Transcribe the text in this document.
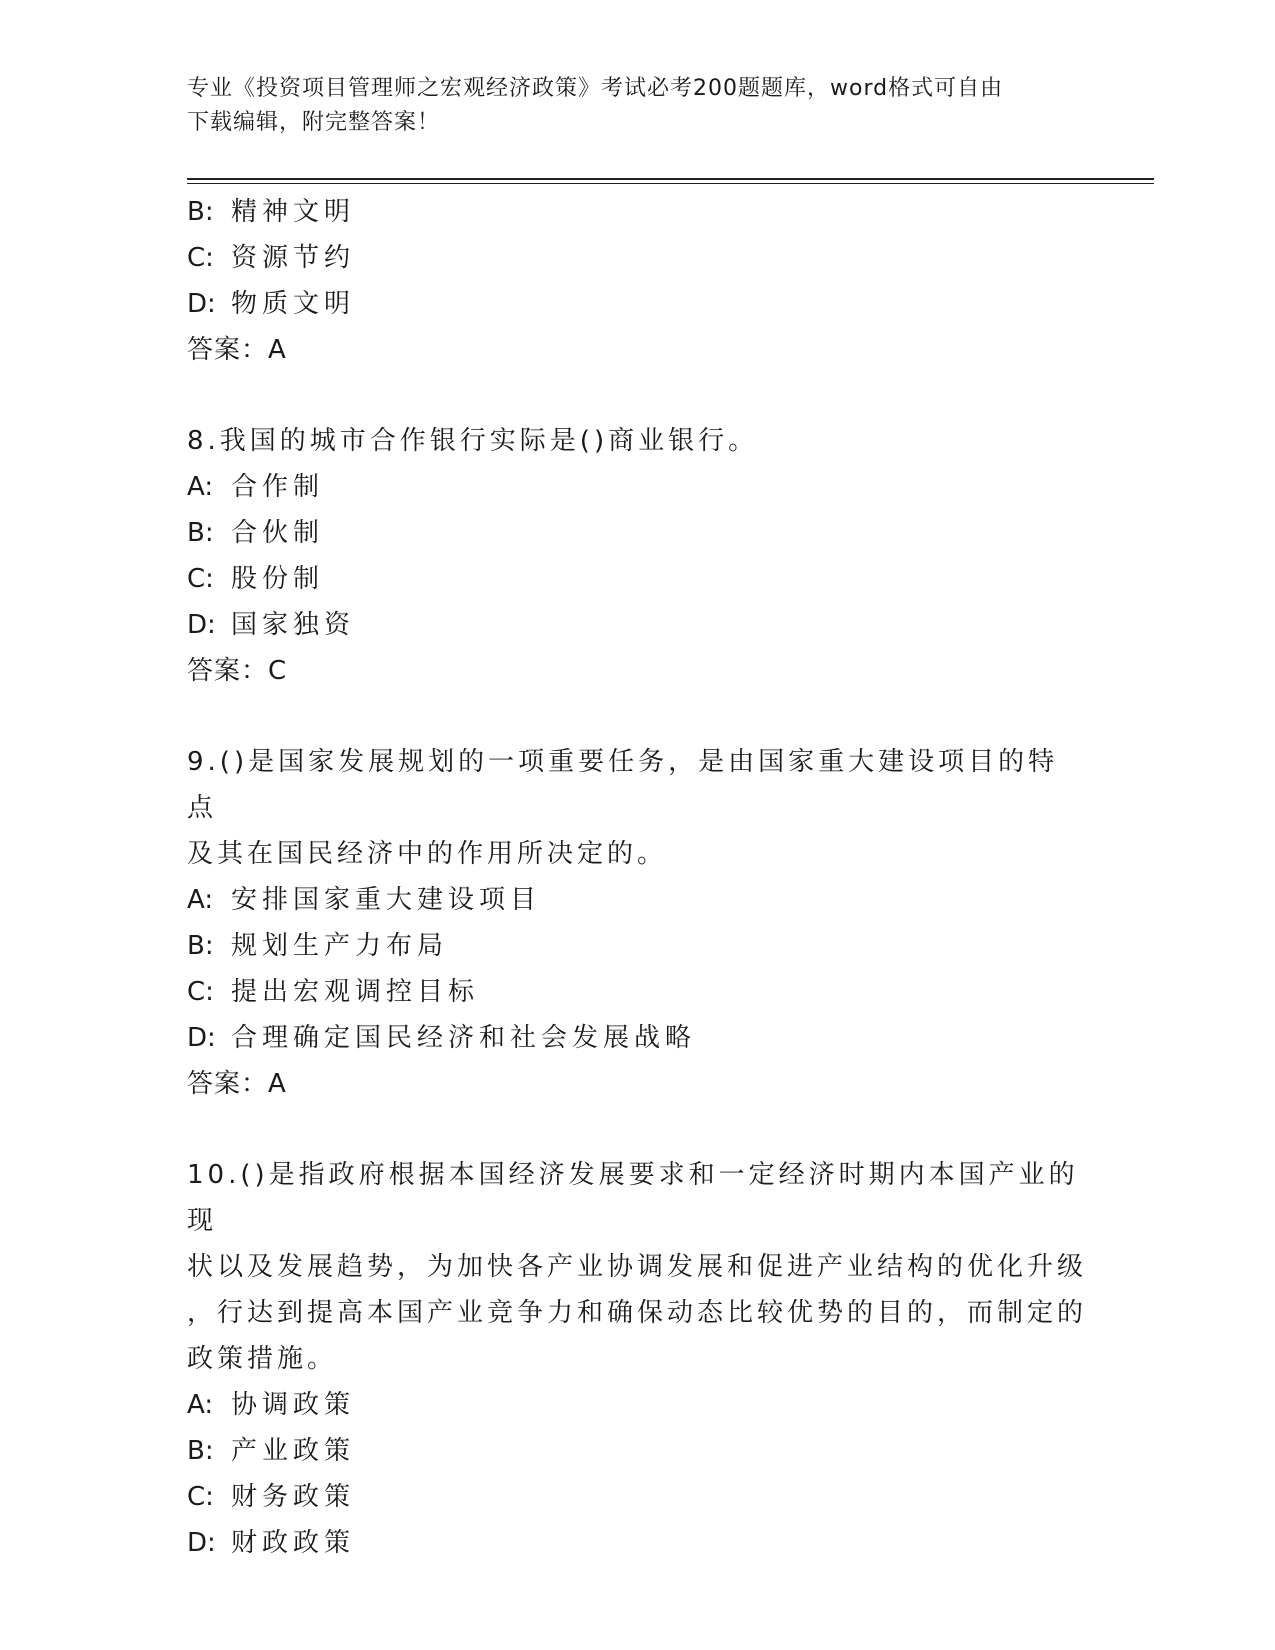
专业《投资项目管理师之宏观经济政策》考试必考200题题库，word格式可自由
下载编辑，附完整答案！
B: 精神文明
C: 资源节约
D: 物质文明
答案：A
8.我国的城市合作银行实际是()商业银行。
A: 合作制
B: 合伙制
C: 股份制
D: 国家独资
答案：C
9.()是国家发展规划的一项重要任务，是由国家重大建设项目的特点
及其在国民经济中的作用所决定的。
A: 安排国家重大建设项目
B: 规划生产力布局
C: 提出宏观调控目标
D: 合理确定国民经济和社会发展战略
答案：A
10.()是指政府根据本国经济发展要求和一定经济时期内本国产业的现
状以及发展趋势，为加快各产业协调发展和促进产业结构的优化升级
，行达到提高本国产业竞争力和确保动态比较优势的目的，而制定的
政策措施。
A: 协调政策
B: 产业政策
C: 财务政策
D: 财政政策
